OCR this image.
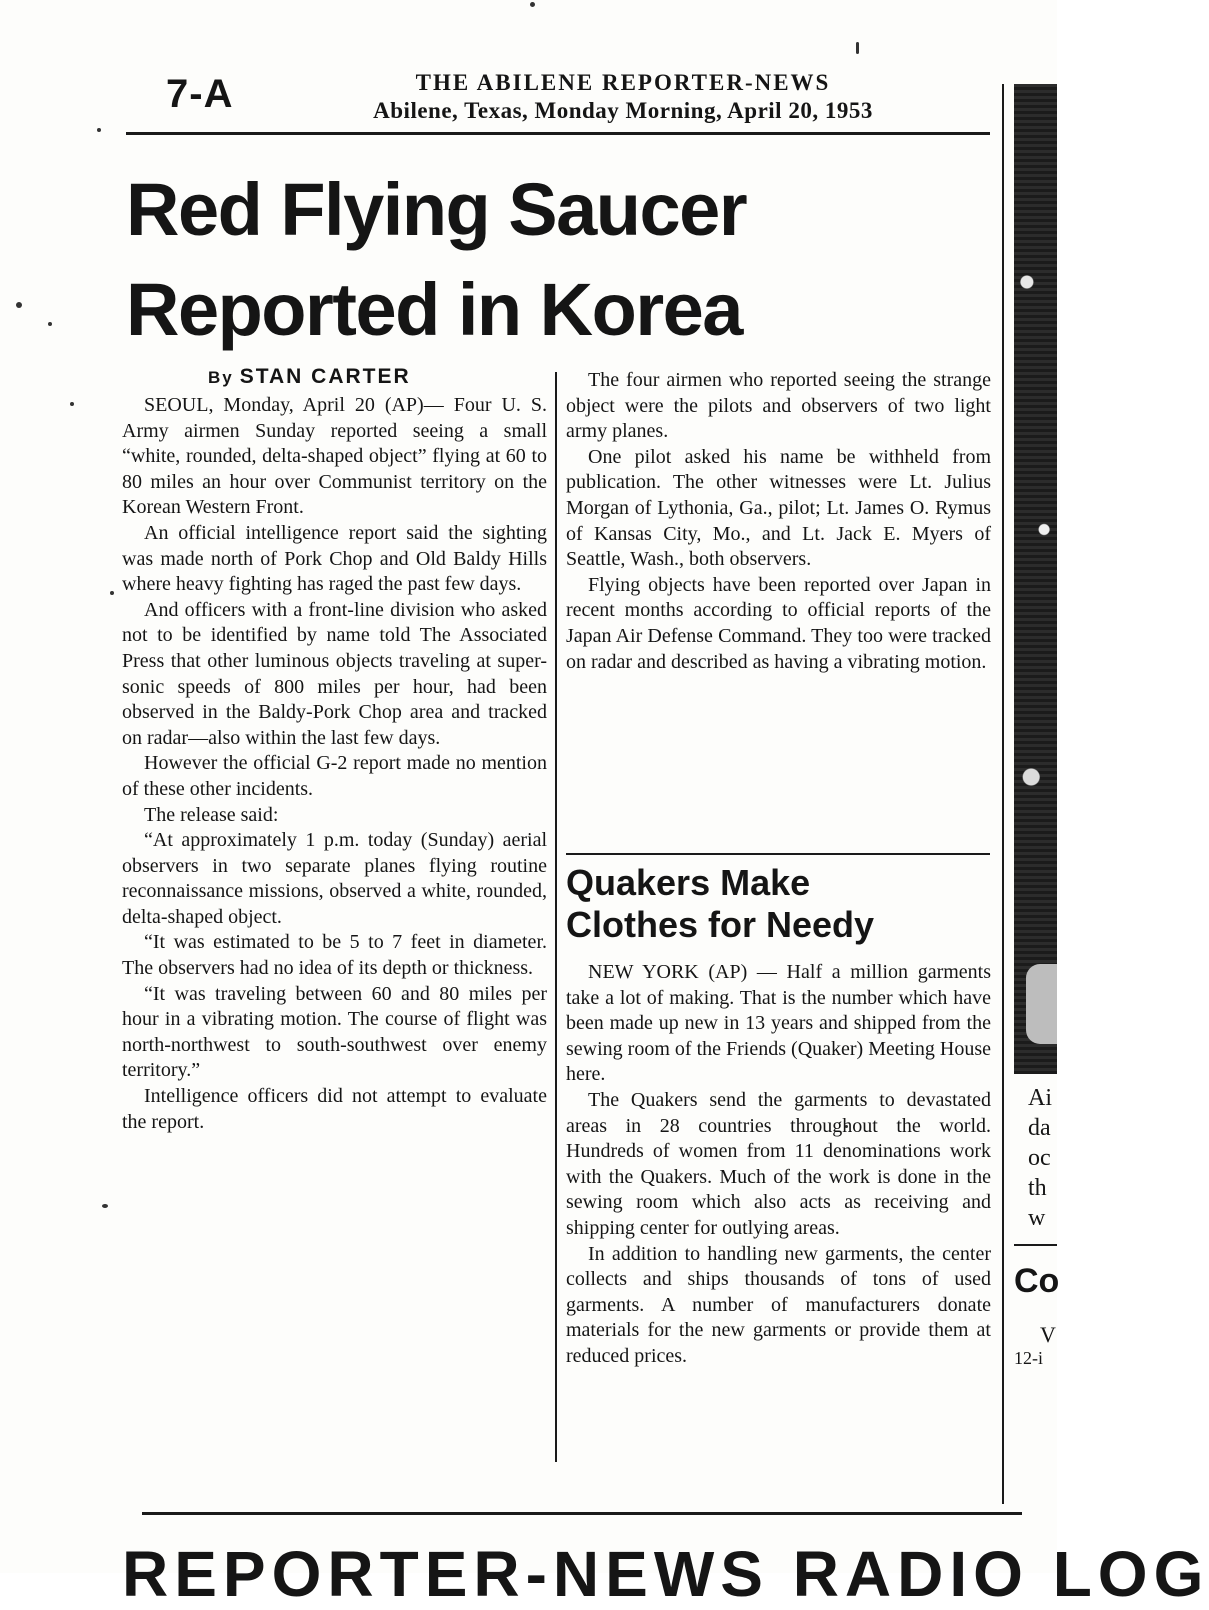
7-A	THE ABILENE REPORTER-NEWS
Abilene, Texas, Monday Morning, April 20, 1953
Red Flying Saucer
Reported in Korea
By STAN CARTER

SEOUL, Monday, April 20 (AP)— Four U. S. Army airmen Sunday reported seeing a small “white, rounded, delta-shaped object” flying at 60 to 80 miles an hour over Communist territory on the Korean Western Front.

An official intelligence report said the sighting was made north of Pork Chop and Old Baldy Hills where heavy fighting has raged the past few days.

And officers with a front-line division who asked not to be identified by name told The Associated Press that other luminous objects traveling at super-sonic speeds of 800 miles per hour, had been observed in the Baldy-Pork Chop area and tracked on radar—also within the last few days.

However the official G-2 report made no mention of these other incidents.

The release said:

“At approximately 1 p.m. today (Sunday) aerial observers in two separate planes flying routine reconnaissance missions, observed a white, rounded, delta-shaped object.

“It was estimated to be 5 to 7 feet in diameter. The observers had no idea of its depth or thickness.

“It was traveling between 60 and 80 miles per hour in a vibrating motion. The course of flight was north-northwest to south-southwest over enemy territory.”

Intelligence officers did not attempt to evaluate the report.

The four airmen who reported seeing the strange object were the pilots and observers of two light army planes.

One pilot asked his name be withheld from publication. The other witnesses were Lt. Julius Morgan of Lythonia, Ga., pilot; Lt. James O. Rymus of Kansas City, Mo., and Lt. Jack E. Myers of Seattle, Wash., both observers.

Flying objects have been reported over Japan in recent months according to official reports of the Japan Air Defense Command. They too were tracked on radar and described as having a vibrating motion.

Quakers Make
Clothes for Needy

NEW YORK (AP) — Half a million garments take a lot of making. That is the number which have been made up new in 13 years and shipped from the sewing room of the Friends (Quaker) Meeting House here.

The Quakers send the garments to devastated areas in 28 countries throughout the world. Hundreds of women from 11 denominations work with the Quakers. Much of the work is done in the sewing room which also acts as receiving and shipping center for outlying areas.

In addition to handling new garments, the center collects and ships thousands of tons of used garments. A number of manufacturers donate materials for the new garments or provide them at reduced prices.

Ai
da
oc
th
w
Co
V
12-i
REPORTER-NEWS RADIO LOG
